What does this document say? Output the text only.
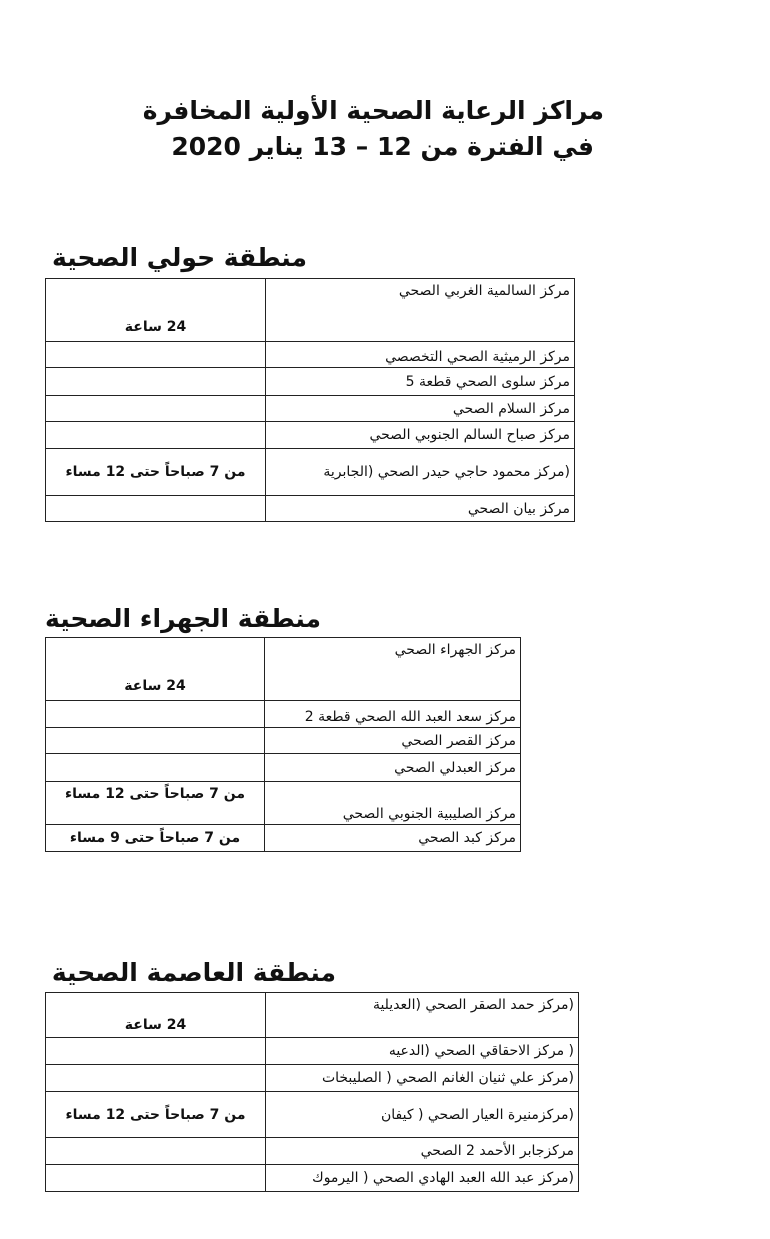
مراكز الرعاية الصحية الأولية المخافرة
في الفترة من 12 – 13 يناير 2020
منطقة حولي الصحية
مركز السالمية الغربي الصحي	24 ساعة
مركز الرميثية الصحي التخصصي	
مركز سلوى الصحي قطعة 5	
مركز السلام الصحي	
مركز صباح السالم الجنوبي الصحي	
(مركز محمود حاجي حيدر الصحي (الجابرية	من 7 صباحاً حتى 12 مساء
مركز بيان الصحي	
منطقة الجهراء الصحية
مركز الجهراء الصحي	24 ساعة
مركز سعد العبد الله الصحي قطعة 2	
مركز القصر الصحي	
مركز العبدلي الصحي	
مركز الصليبية الجنوبي الصحي	من 7 صباحاً حتى 12 مساء
مركز كبد الصحي	من 7 صباحاً حتى 9 مساء
منطقة العاصمة الصحية
(مركز حمد الصقر الصحي (العديلية	24 ساعة
( مركز الاحقاقي الصحي (الدعيه	
(مركز علي ثنيان الغانم الصحي ( الصليبخات	
(مركزمنيرة العيار الصحي ( كيفان	من 7 صباحاً حتى 12 مساء
مركزجابر الأحمد 2 الصحي	
(مركز عبد الله العبد الهادي الصحي ( اليرموك	
